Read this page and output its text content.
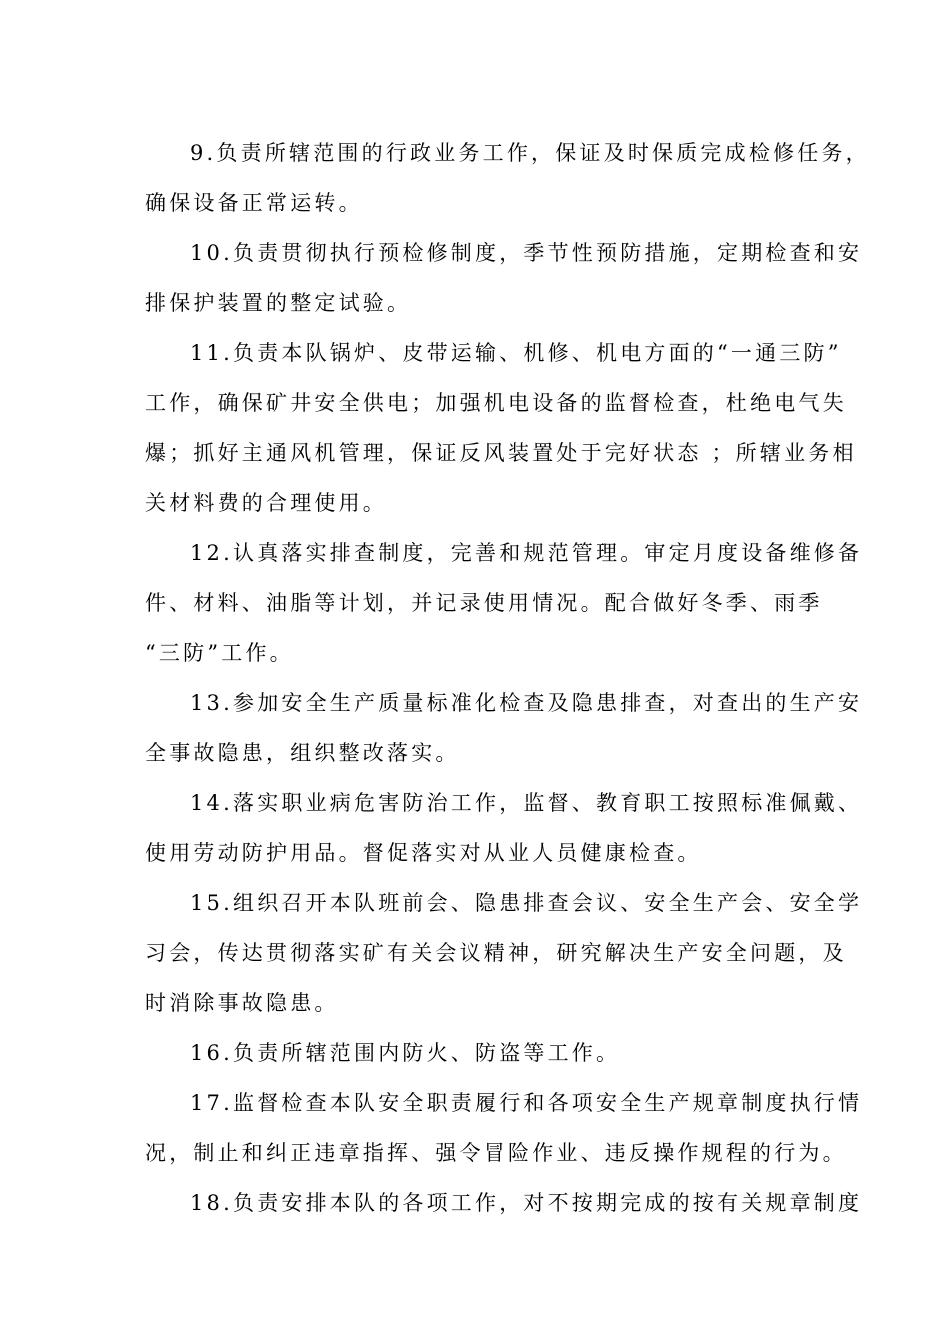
9.负责所辖范围的行政业务工作，保证及时保质完成检修任务，
确保设备正常运转。
10.负责贯彻执行预检修制度，季节性预防措施，定期检查和安
排保护装置的整定试验。
11.负责本队锅炉、皮带运输、机修、机电方面的“一通三防”
工作，确保矿井安全供电；加强机电设备的监督检查，杜绝电气失
爆；抓好主通风机管理，保证反风装置处于完好状态 ；所辖业务相
关材料费的合理使用。
12.认真落实排查制度，完善和规范管理。审定月度设备维修备
件、材料、油脂等计划，并记录使用情况。配合做好冬季、雨季
“三防”工作。
13.参加安全生产质量标准化检查及隐患排查，对查出的生产安
全事故隐患，组织整改落实。
14.落实职业病危害防治工作，监督、教育职工按照标准佩戴、
使用劳动防护用品。督促落实对从业人员健康检查。
15.组织召开本队班前会、隐患排查会议、安全生产会、安全学
习会，传达贯彻落实矿有关会议精神，研究解决生产安全问题，及
时消除事故隐患。
16.负责所辖范围内防火、防盗等工作。
17.监督检查本队安全职责履行和各项安全生产规章制度执行情
况，制止和纠正违章指挥、强令冒险作业、违反操作规程的行为。
18.负责安排本队的各项工作，对不按期完成的按有关规章制度
